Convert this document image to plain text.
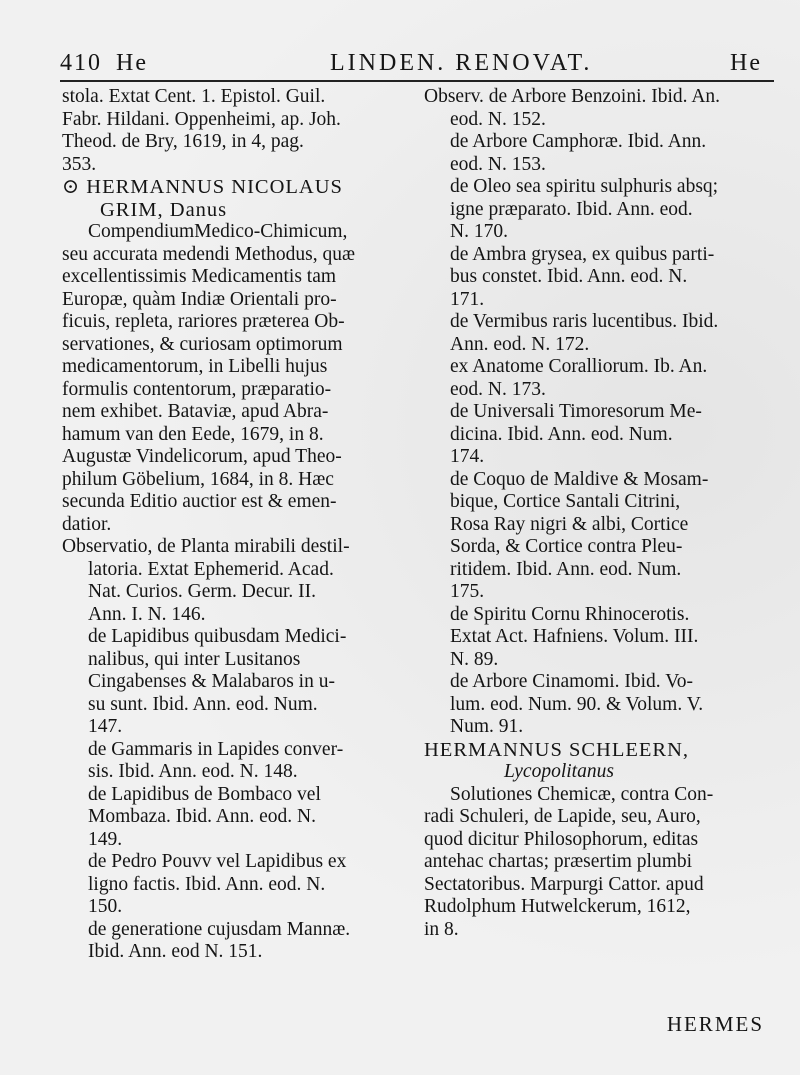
410 He	LINDEN. RENOVAT.	He
stola. Extat Cent. 1. Epistol. Guil.
Fabr. Hildani. Oppenheimi, ap. Joh.
Theod. de Bry, 1619, in 4, pag.
353.
⊙ HERMANNUS NICOLAUS
GRIM, Danus
CompendiumMedico-Chimicum,
seu accurata medendi Methodus, quæ
excellentissimis Medicamentis tam
Europæ, quàm Indiæ Orientali pro-
ficuis, repleta, rariores præterea Ob-
servationes, & curiosam optimorum
medicamentorum, in Libelli hujus
formulis contentorum, præparatio-
nem exhibet. Bataviæ, apud Abra-
hamum van den Eede, 1679, in 8.
Augustæ Vindelicorum, apud Theo-
philum Göbelium, 1684, in 8. Hæc
secunda Editio auctior est & emen-
datior.
Observatio, de Planta mirabili destil-
latoria. Extat Ephemerid. Acad.
Nat. Curios. Germ. Decur. II.
Ann. I. N. 146.
de Lapidibus quibusdam Medici-
nalibus, qui inter Lusitanos
Cingabenses & Malabaros in u-
su sunt. Ibid. Ann. eod. Num.
147.
de Gammaris in Lapides conver-
sis. Ibid. Ann. eod. N. 148.
de Lapidibus de Bombaco vel
Mombaza. Ibid. Ann. eod. N.
149.
de Pedro Pouvv vel Lapidibus ex
ligno factis. Ibid. Ann. eod. N.
150.
de generatione cujusdam Mannæ.
Ibid. Ann. eod N. 151.
Observ. de Arbore Benzoini. Ibid. An.
eod. N. 152.
de Arbore Camphoræ. Ibid. Ann.
eod. N. 153.
de Oleo sea spiritu sulphuris absq;
igne præparato. Ibid. Ann. eod.
N. 170.
de Ambra grysea, ex quibus parti-
bus constet. Ibid. Ann. eod. N.
171.
de Vermibus raris lucentibus. Ibid.
Ann. eod. N. 172.
ex Anatome Coralliorum. Ib. An.
eod. N. 173.
de Universali Timoresorum Me-
dicina. Ibid. Ann. eod. Num.
174.
de Coquo de Maldive & Mosam-
bique, Cortice Santali Citrini,
Rosa Ray nigri & albi, Cortice
Sorda, & Cortice contra Pleu-
ritidem. Ibid. Ann. eod. Num.
175.
de Spiritu Cornu Rhinocerotis.
Extat Act. Hafniens. Volum. III.
N. 89.
de Arbore Cinamomi. Ibid. Vo-
lum. eod. Num. 90. & Volum. V.
Num. 91.
HERMANNUS SCHLEERN,
Lycopolitanus
Solutiones Chemicæ, contra Con-
radi Schuleri, de Lapide, seu, Auro,
quod dicitur Philosophorum, editas
antehac chartas; præsertim plumbi
Sectatoribus. Marpurgi Cattor. apud
Rudolphum Hutwelckerum, 1612,
in 8.
HERMES
